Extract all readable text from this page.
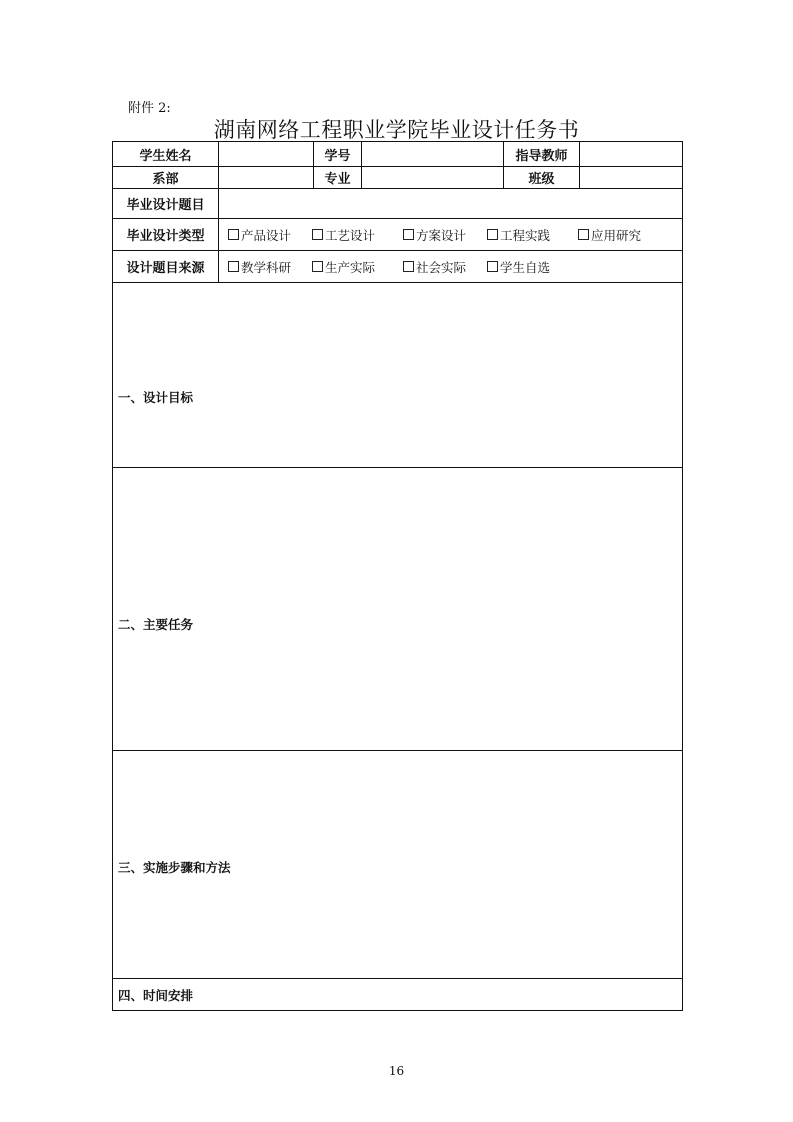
附件 2:
湖南网络工程职业学院毕业设计任务书
学生姓名		学号		指导教师	
系部		专业		班级	
毕业设计题目					
毕业设计类型	产品设计 工艺设计 方案设计 工程实践 应用研究				

设计题目来源	教学科研 生产实际 社会实际 学生自选				

一、设计目标					

二、主要任务					

三、实施步骤和方法					

四、时间安排					
16
